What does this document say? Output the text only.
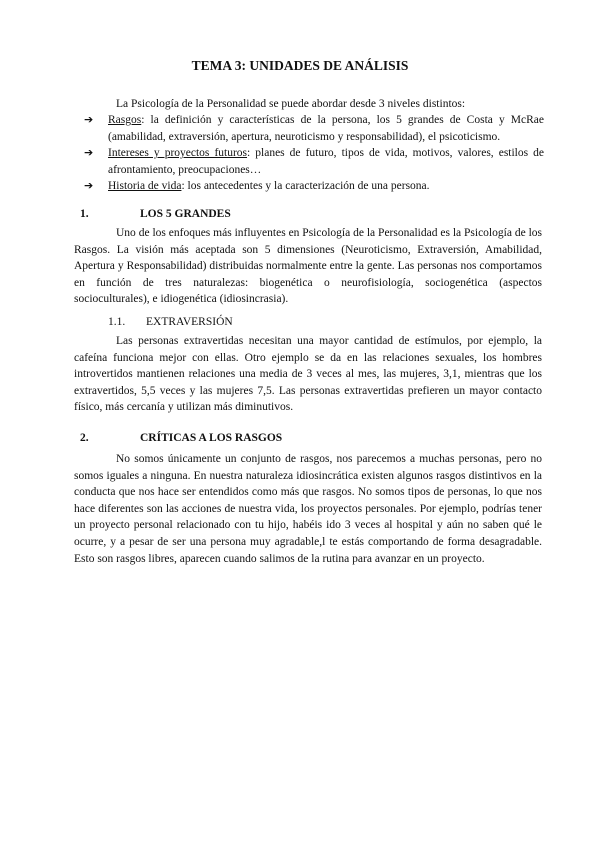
TEMA 3: UNIDADES DE ANÁLISIS
La Psicología de la Personalidad se puede abordar desde 3 niveles distintos:
➔	Rasgos: la definición y características de la persona, los 5 grandes de Costa y McRae (amabilidad, extraversión, apertura, neuroticismo y responsabilidad), el psicoticismo.
➔	Intereses y proyectos futuros: planes de futuro, tipos de vida, motivos, valores, estilos de afrontamiento, preocupaciones…
➔	Historia de vida: los antecedentes y la caracterización de una persona.
1.	LOS 5 GRANDES

Uno de los enfoques más influyentes en Psicología de la Personalidad es la Psicología de los Rasgos. La visión más aceptada son 5 dimensiones (Neuroticismo, Extraversión, Amabilidad, Apertura y Responsabilidad) distribuidas normalmente entre la gente. Las personas nos comportamos en función de tres naturalezas: biogenética o neurofisiología, sociogenética (aspectos socioculturales), e idiogenética (idiosincrasia).

1.1. EXTRAVERSIÓN

Las personas extravertidas necesitan una mayor cantidad de estímulos, por ejemplo, la cafeína funciona mejor con ellas. Otro ejemplo se da en las relaciones sexuales, los hombres introvertidos mantienen relaciones una media de 3 veces al mes, las mujeres, 3,1, mientras que los extravertidos, 5,5 veces y las mujeres 7,5. Las personas extravertidas prefieren un mayor contacto físico, más cercanía y utilizan más diminutivos.

2.	CRÍTICAS A LOS RASGOS

No somos únicamente un conjunto de rasgos, nos parecemos a muchas personas, pero no somos iguales a ninguna. En nuestra naturaleza idiosincrática existen algunos rasgos distintivos en la conducta que nos hace ser entendidos como más que rasgos. No somos tipos de personas, lo que nos hace diferentes son las acciones de nuestra vida, los proyectos personales. Por ejemplo, podrías tener un proyecto personal relacionado con tu hijo, habéis ido 3 veces al hospital y aún no saben qué le ocurre, y a pesar de ser una persona muy agradable,l te estás comportando de forma desagradable. Esto son rasgos libres, aparecen cuando salimos de la rutina para avanzar en un proyecto.
